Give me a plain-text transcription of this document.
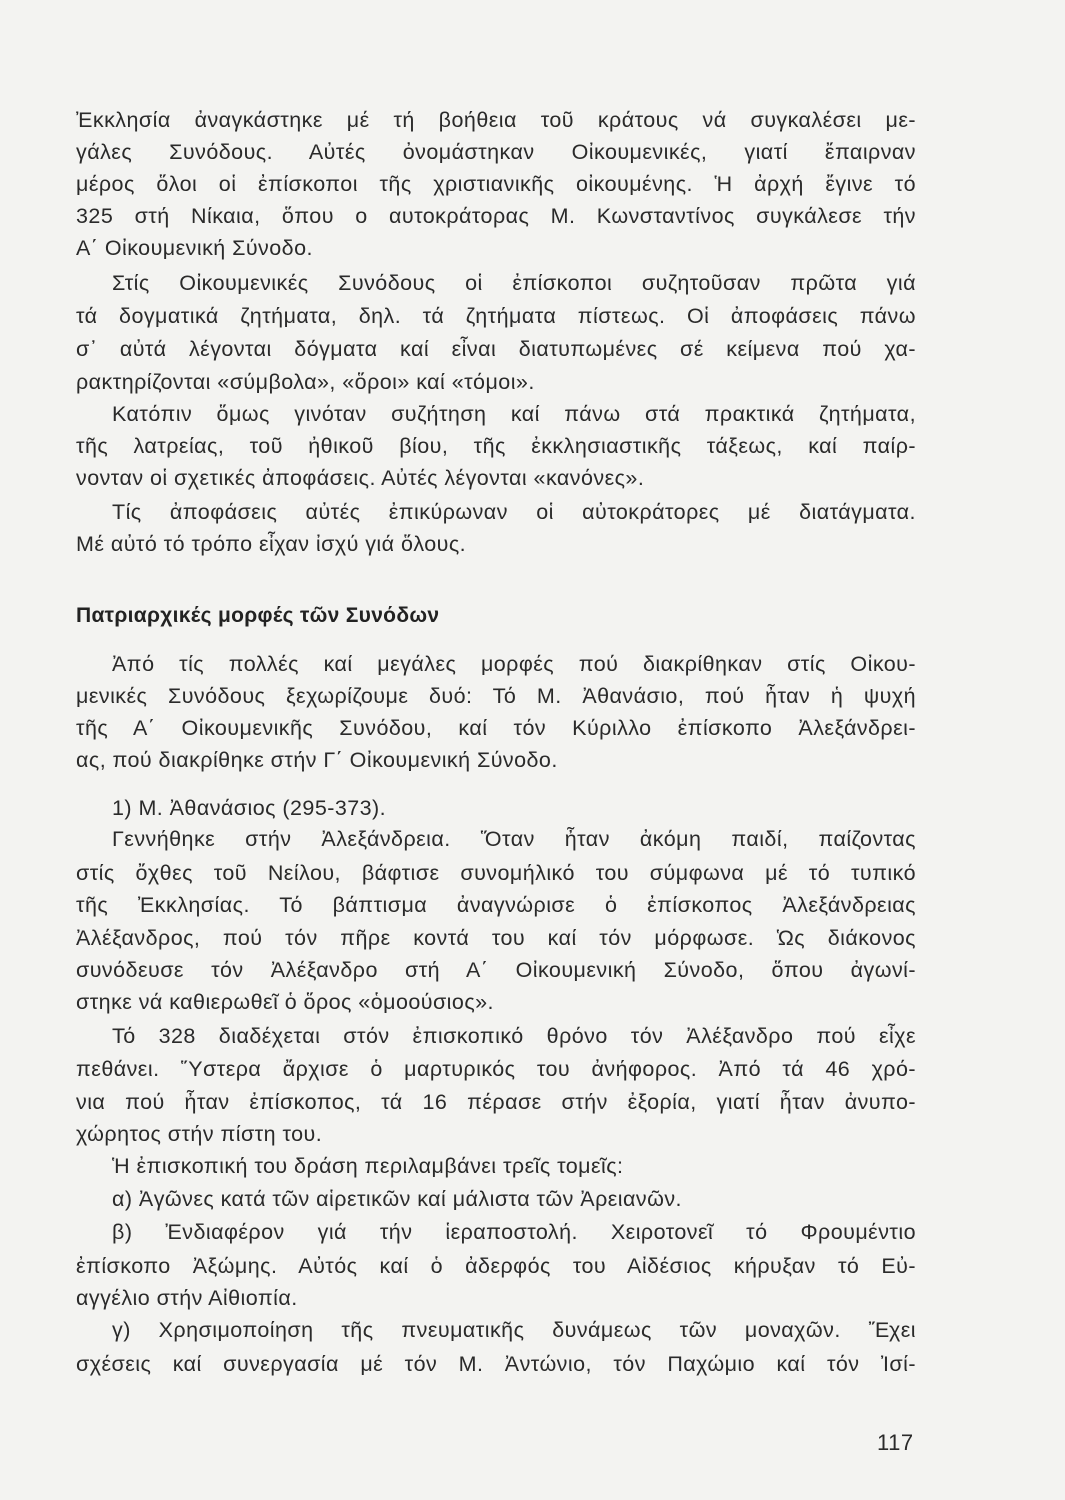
Ἐκκλησία ἀναγκάστηκε μέ τή βοήθεια τοῦ κράτους νά συγκαλέσει με-
γάλες Συνόδους. Αὐτές ὀνομάστηκαν Οἰκουμενικές, γιατί ἔπαιρναν
μέρος ὅλοι οἱ ἐπίσκοποι τῆς χριστιανικῆς οἰκουμένης. Ἡ ἀρχή ἔγινε τό
325 στή Νίκαια, ὅπου ο αυτοκράτορας Μ. Κωνσταντίνος συγκάλεσε τήν
Α΄ Οἰκουμενική Σύνοδο.
Στίς Οἰκουμενικές Συνόδους οἱ ἐπίσκοποι συζητοῦσαν πρῶτα γιά
τά δογματικά ζητήματα, δηλ. τά ζητήματα πίστεως. Οἱ ἀποφάσεις πάνω
σ᾽ αὐτά λέγονται δόγματα καί εἶναι διατυπωμένες σέ κείμενα πού χα-
ρακτηρίζονται «σύμβολα», «ὅροι» καί «τόμοι».
Κατόπιν ὅμως γινόταν συζήτηση καί πάνω στά πρακτικά ζητήματα,
τῆς λατρείας, τοῦ ἠθικοῦ βίου, τῆς ἐκκλησιαστικῆς τάξεως, καί παίρ-
νονταν οἱ σχετικές ἀποφάσεις. Αὐτές λέγονται «κανόνες».
Τίς ἀποφάσεις αὐτές ἐπικύρωναν οἱ αὐτοκράτορες μέ διατάγματα.
Μέ αὐτό τό τρόπο εἶχαν ἰσχύ γιά ὅλους.
Πατριαρχικές μορφές τῶν Συνόδων
Ἀπό τίς πολλές καί μεγάλες μορφές πού διακρίθηκαν στίς Οἰκου-
μενικές Συνόδους ξεχωρίζουμε δυό: Τό Μ. Ἀθανάσιο, πού ἦταν ἡ ψυχή
τῆς Α΄ Οἰκουμενικῆς Συνόδου, καί τόν Κύριλλο ἐπίσκοπο Ἀλεξάνδρει-
ας, πού διακρίθηκε στήν Γ΄ Οἰκουμενική Σύνοδο.
1) Μ. Ἀθανάσιος (295-373).
Γεννήθηκε στήν Ἀλεξάνδρεια. Ὅταν ἦταν ἀκόμη παιδί, παίζοντας
στίς ὄχθες τοῦ Νείλου, βάφτισε συνομήλικό του σύμφωνα μέ τό τυπικό
τῆς Ἐκκλησίας. Τό βάπτισμα ἀναγνώρισε ὁ ἐπίσκοπος Ἀλεξάνδρειας
Ἀλέξανδρος, πού τόν πῆρε κοντά του καί τόν μόρφωσε. Ὡς διάκονος
συνόδευσε τόν Ἀλέξανδρο στή Α΄ Οἰκουμενική Σύνοδο, ὅπου ἀγωνί-
στηκε νά καθιερωθεῖ ὁ ὅρος «ὁμοούσιος».
Τό 328 διαδέχεται στόν ἐπισκοπικό θρόνο τόν Ἀλέξανδρο πού εἶχε
πεθάνει. Ὕστερα ἄρχισε ὁ μαρτυρικός του ἀνήφορος. Ἀπό τά 46 χρό-
νια πού ἦταν ἐπίσκοπος, τά 16 πέρασε στήν ἐξορία, γιατί ἦταν ἀνυπο-
χώρητος στήν πίστη του.
Ἡ ἐπισκοπική του δράση περιλαμβάνει τρεῖς τομεῖς:
α) Ἀγῶνες κατά τῶν αἱρετικῶν καί μάλιστα τῶν Ἀρειανῶν.
β) Ἐνδιαφέρον γιά τήν ἱεραποστολή. Χειροτονεῖ τό Φρουμέντιο
ἐπίσκοπο Ἀξώμης. Αὐτός καί ὁ ἀδερφός του Αἰδέσιος κήρυξαν τό Εὐ-
αγγέλιο στήν Αἰθιοπία.
γ) Χρησιμοποίηση τῆς πνευματικῆς δυνάμεως τῶν μοναχῶν. Ἔχει
σχέσεις καί συνεργασία μέ τόν Μ. Ἀντώνιο, τόν Παχώμιο καί τόν Ἰσί-
117
